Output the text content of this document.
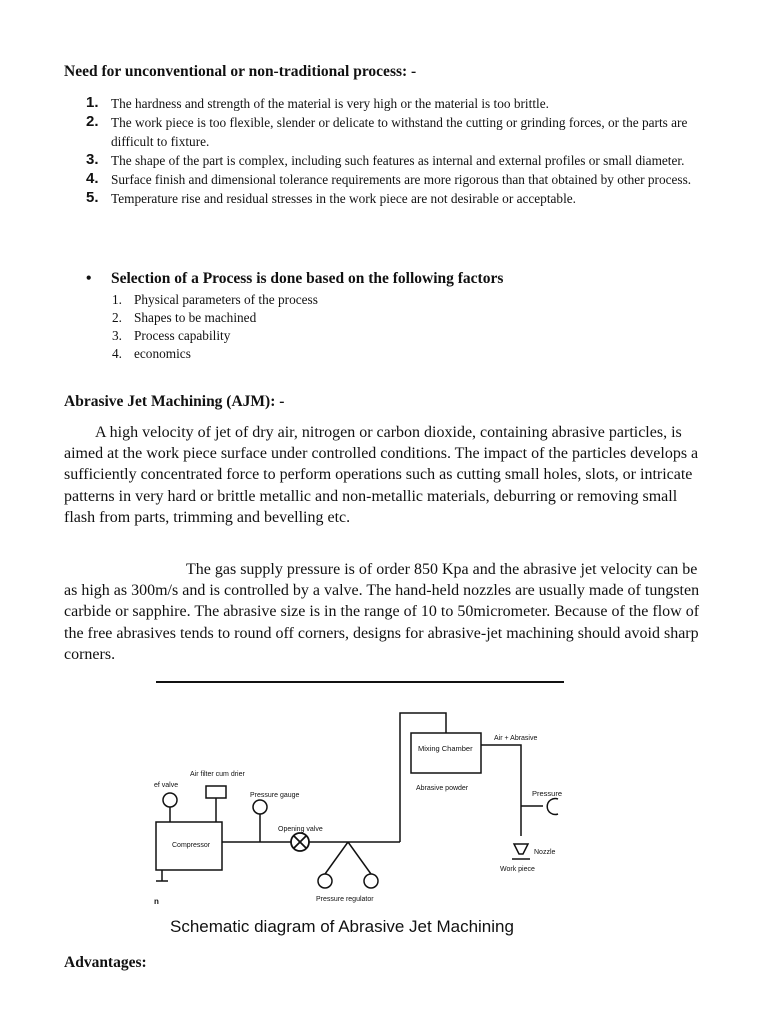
Need for unconventional or non-traditional process: -
1. The hardness and strength of the material is very high or the material is too brittle.
2. The work piece is too flexible, slender or delicate to withstand the cutting or grinding forces, or the parts are difficult to fixture.
3. The shape of the part is complex, including such features as internal and external profiles or small diameter.
4. Surface finish and dimensional tolerance requirements are more rigorous than that obtained by other process.
5. Temperature rise and residual stresses in the work piece are not desirable or acceptable.
• Selection of a Process is done based on the following factors
1. Physical parameters of the process
2. Shapes to be machined
3. Process capability
4. economics
Abrasive Jet Machining (AJM): -

A high velocity of jet of dry air, nitrogen or carbon dioxide, containing abrasive particles, is aimed at the work piece surface under controlled conditions. The impact of the particles develops a sufficiently concentrated force to perform operations such as cutting small holes, slots, or intricate patterns in very hard or brittle metallic and non-metallic materials, deburring or removing small flash from parts, trimming and bevelling etc.

The gas supply pressure is of order 850 Kpa and the abrasive jet velocity can be as high as 300m/s and is controlled by a valve. The hand-held nozzles are usually made of tungsten carbide or sapphire. The abrasive size is in the range of 10 to 50micrometer. Because of the flow of the free abrasives tends to round off corners, designs for abrasive-jet machining should avoid sharp corners.

Mixing Chamber
Air + Abrasive
Abrasive powder
Pressure
Nozzle
Work piece
Compressor
n
ef valve
Air filter cum drier
Pressure gauge
Opening valve
Pressure regulator
Schematic diagram of Abrasive Jet Machining
Advantages:
